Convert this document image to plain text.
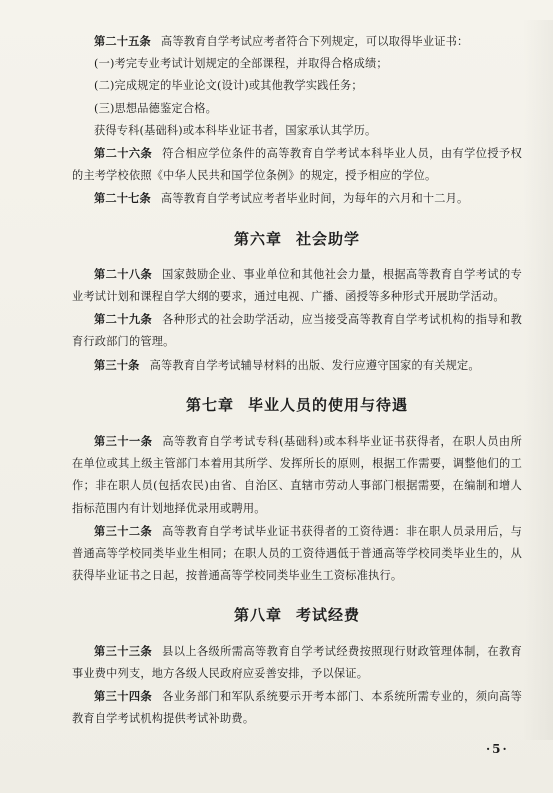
第二十五条 高等教育自学考试应考者符合下列规定，可以取得毕业证书：

(一)考完专业考试计划规定的全部课程，并取得合格成绩；

(二)完成规定的毕业论文(设计)或其他教学实践任务；

(三)思想品德鉴定合格。

获得专科(基础科)或本科毕业证书者，国家承认其学历。

第二十六条 符合相应学位条件的高等教育自学考试本科毕业人员，由有学位授予权的主考学校依照《中华人民共和国学位条例》的规定，授予相应的学位。

第二十七条 高等教育自学考试应考者毕业时间，为每年的六月和十二月。

第六章 社会助学

第二十八条 国家鼓励企业、事业单位和其他社会力量，根据高等教育自学考试的专业考试计划和课程自学大纲的要求，通过电视、广播、函授等多种形式开展助学活动。

第二十九条 各种形式的社会助学活动，应当接受高等教育自学考试机构的指导和教育行政部门的管理。

第三十条 高等教育自学考试辅导材料的出版、发行应遵守国家的有关规定。

第七章 毕业人员的使用与待遇

第三十一条 高等教育自学考试专科(基础科)或本科毕业证书获得者，在职人员由所在单位或其上级主管部门本着用其所学、发挥所长的原则，根据工作需要，调整他们的工作；非在职人员(包括农民)由省、自治区、直辖市劳动人事部门根据需要，在编制和增人指标范围内有计划地择优录用或聘用。

第三十二条 高等教育自学考试毕业证书获得者的工资待遇：非在职人员录用后，与普通高等学校同类毕业生相同；在职人员的工资待遇低于普通高等学校同类毕业生的，从获得毕业证书之日起，按普通高等学校同类毕业生工资标准执行。

第八章 考试经费

第三十三条 县以上各级所需高等教育自学考试经费按照现行财政管理体制，在教育事业费中列支，地方各级人民政府应妥善安排，予以保证。

第三十四条 各业务部门和军队系统要示开考本部门、本系统所需专业的，须向高等教育自学考试机构提供考试补助费。

·5·
